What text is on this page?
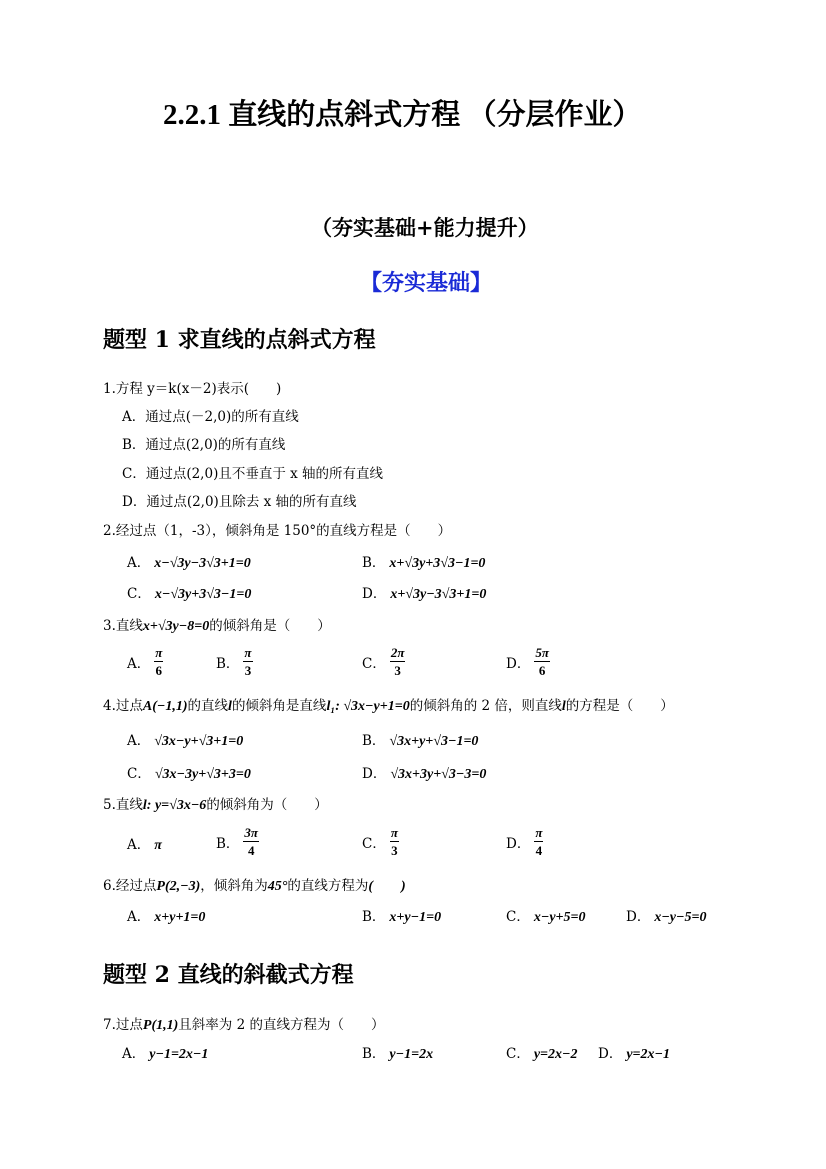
2.2.1 直线的点斜式方程 （分层作业）
（夯实基础+能力提升）
【夯实基础】
题型 1 求直线的点斜式方程
1.方程 y＝k(x－2)表示(　　)
A．通过点(－2,0)的所有直线
B．通过点(2,0)的所有直线
C．通过点(2,0)且不垂直于 x 轴的所有直线
D．通过点(2,0)且除去 x 轴的所有直线
2.经过点（1，-3），倾斜角是 150°的直线方程是（　　）
A． x−√3y−3√3+1=0	B． x+√3y+3√3−1=0
C． x−√3y+3√3−1=0	D． x+√3y−3√3+1=0
3.直线x+√3y−8=0的倾斜角是（　　）
A． $\frac{\pi}{6}$	B． $\frac{\pi}{3}$	C． $\frac{2\pi}{3}$	D． $\frac{5\pi}{6}$
4.过点A(−1,1)的直线l的倾斜角是直线l₁: √3x−y+1=0的倾斜角的 2 倍，则直线l的方程是（　　）
A． √3x−y+√3+1=0	B． √3x+y+√3−1=0
C． √3x−3y+√3+3=0	D． √3x+3y+√3−3=0
5.直线l: y=√3x−6的倾斜角为（　　）
A． π	B． $\frac{3\pi}{4}$	C． $\frac{\pi}{3}$	D． $\frac{\pi}{4}$
6.经过点P(2,−3)，倾斜角为45°的直线方程为(　　)
A． x+y+1=0	B． x+y−1=0	C． x−y+5=0	D． x−y−5=0
题型 2 直线的斜截式方程
7.过点P(1,1)且斜率为 2 的直线方程为（　　）
A． y−1=2x−1	B． y−1=2x	C． y=2x−2 D． y=2x−1
